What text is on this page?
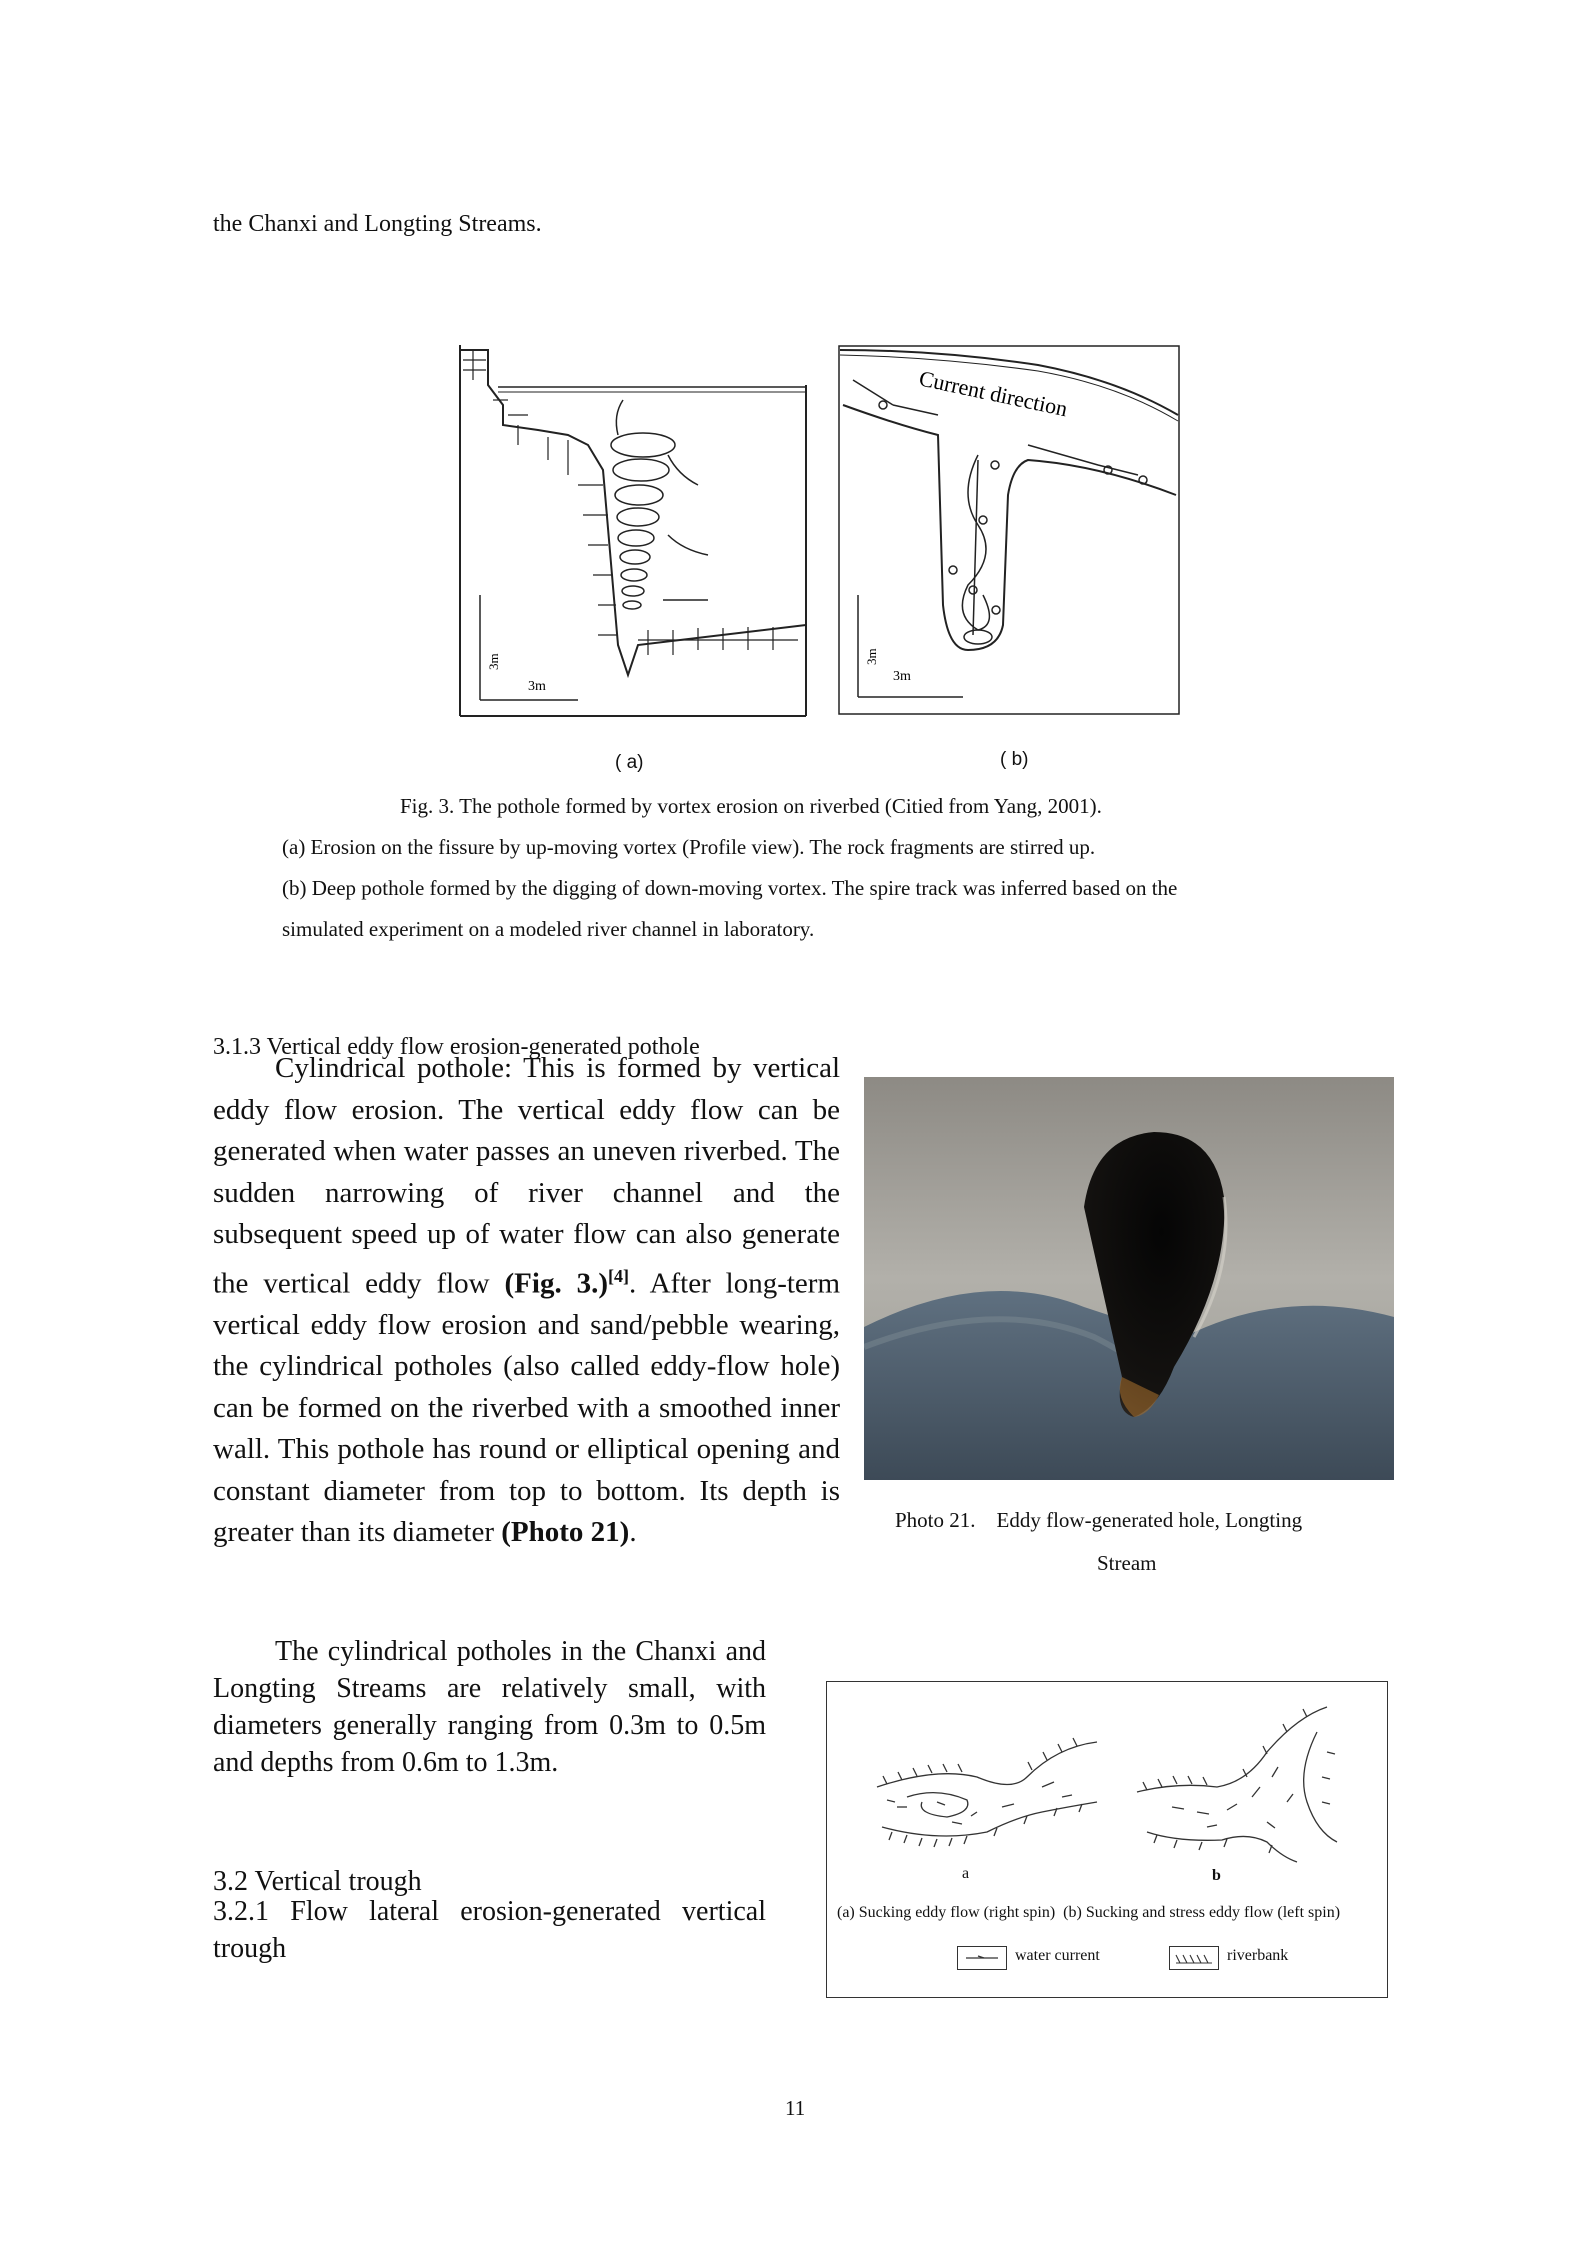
the Chanxi and Longting Streams.

3m
3m
Current direction
3m
3m

( a)	( b)

Fig. 3. The pothole formed by vortex erosion on riverbed (Citied from Yang, 2001).

(a) Erosion on the fissure by up-moving vortex (Profile view). The rock fragments are stirred up.

(b) Deep pothole formed by the digging of down-moving vortex. The spire track was inferred based on the

simulated experiment on a modeled river channel in laboratory.

3.1.3 Vertical eddy flow erosion-generated pothole

Cylindrical pothole: This is formed by vertical eddy flow erosion. The vertical eddy flow can be generated when water passes an uneven riverbed. The sudden narrowing of river channel and the subsequent speed up of water flow can also generate the vertical eddy flow (Fig. 3.)[4]. After long-term vertical eddy flow erosion and sand/pebble wearing, the cylindrical potholes (also called eddy-flow hole) can be formed on the riverbed with a smoothed inner wall. This pothole has round or elliptical opening and constant diameter from top to bottom. Its depth is greater than its diameter (Photo 21).

The cylindrical potholes in the Chanxi and Longting Streams are relatively small, with diameters generally ranging from 0.3m to 0.5m and depths from 0.6m to 1.3m.

3.2 Vertical trough

3.2.1 Flow lateral erosion-generated vertical trough

Photo 21.    Eddy flow-generated hole, Longting

Stream

a	b

(a) Sucking eddy flow (right spin)  (b) Sucking and stress eddy flow (left spin)

water current	riverbank

11
